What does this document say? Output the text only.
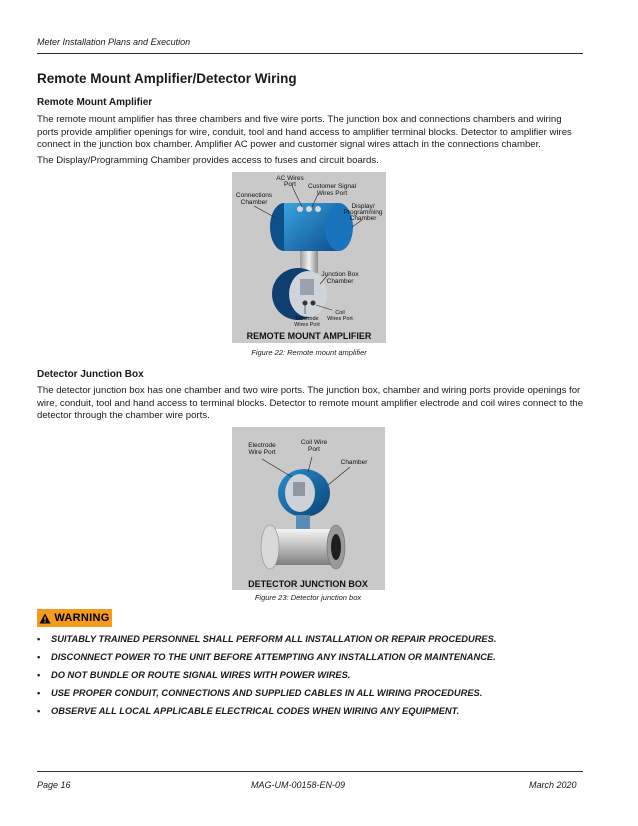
Meter Installation Plans and Execution
Remote Mount Amplifier/Detector Wiring
Remote Mount Amplifier

The remote mount amplifier has three chambers and five wire ports. The junction box and connections chambers and wiring ports provide amplifier openings for wire, conduit, tool and hand access to amplifier terminal blocks. Detector to amplifier wires connect in the junction box chamber. Amplifier AC power and customer signal wires attach in the connections chamber.

The Display/Programming Chamber provides access to fuses and circuit boards.

AC Wires
Port
Connections
Chamber
Customer Signal
Wires Port
Display/
Programming
Chamber
Junction Box
Chamber
Coil
Wires Port
Electrode
Wires Port
REMOTE MOUNT AMPLIFIER
Figure 22: Remote mount amplifier
Detector Junction Box

The detector junction box has one chamber and two wire ports. The junction box, chamber and wiring ports provide openings for wire, conduit, tool and hand access to terminal blocks. Detector to remote mount amplifier electrode and coil wires connect to the detector through the chamber wire ports.

Electrode
Wire Port
Coil Wire
Port
Chamber
DETECTOR JUNCTION BOX
Figure 23: Detector junction box
WARNING
• SUITABLY TRAINED PERSONNEL SHALL PERFORM ALL INSTALLATION OR REPAIR PROCEDURES.
• DISCONNECT POWER TO THE UNIT BEFORE ATTEMPTING ANY INSTALLATION OR MAINTENANCE.
• DO NOT BUNDLE OR ROUTE SIGNAL WIRES WITH POWER WIRES.
• USE PROPER CONDUIT, CONNECTIONS AND SUPPLIED CABLES IN ALL WIRING PROCEDURES.
• OBSERVE ALL LOCAL APPLICABLE ELECTRICAL CODES WHEN WIRING ANY EQUIPMENT.
Page 16	MAG-UM-00158-EN-09	March 2020
